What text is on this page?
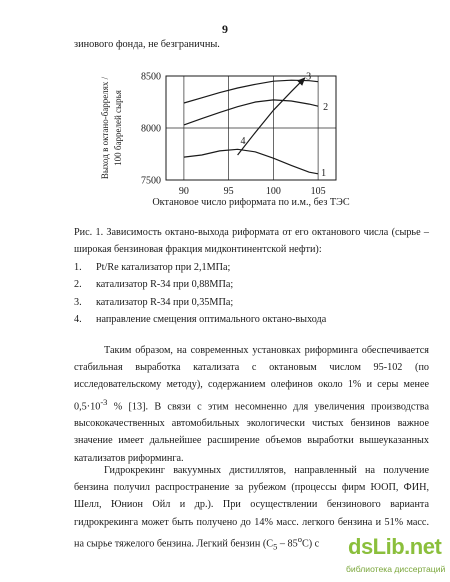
9
зинового фонда, не безграничны.
90	95	100	105
7500
8000
8500
1
2
3
4
Выход в октано-баррелях / 100 баррелей сырья
Октановое число риформата по и.м., без ТЭС
Рис. 1. Зависимость октано-выхода риформата от его октанового числа (сырье – широкая бензиновая фракция мидконтинентской нефти):
1. Pt/Re катализатор при 2,1МПа;
2. катализатор R-34 при 0,88МПа;
3. катализатор R-34 при 0,35МПа;
4. направление смещения оптимального октано-выхода

Таким образом, на современных установках риформинга обеспечивается стабильная выработка катализата с октановым числом 95-102 (по исследовательскому методу), содержанием олефинов около 1% и серы менее $0,5\cdot 10^{-3}$ % [13]. В связи с этим несомненно для увеличения производства высококачественных автомобильных экологически чистых бензинов важное значение имеет дальнейшее расширение объемов выработки вышеуказанных катализатов риформинга.

Гидрокрекинг вакуумных дистиллятов, направленный на получение бензина получил распространение за рубежом (процессы фирм ЮОП, ФИН, Шелл, Юнион Ойл и др.). При осуществлении бензинового варианта гидрокрекинга может быть получено до 14% масс. легкого бензина и 51% масс. на сырье тяжелого бензина. Легкий бензин $(C_5 - 85^oC)$ с	dsLib.net
библиотека диссертаций
